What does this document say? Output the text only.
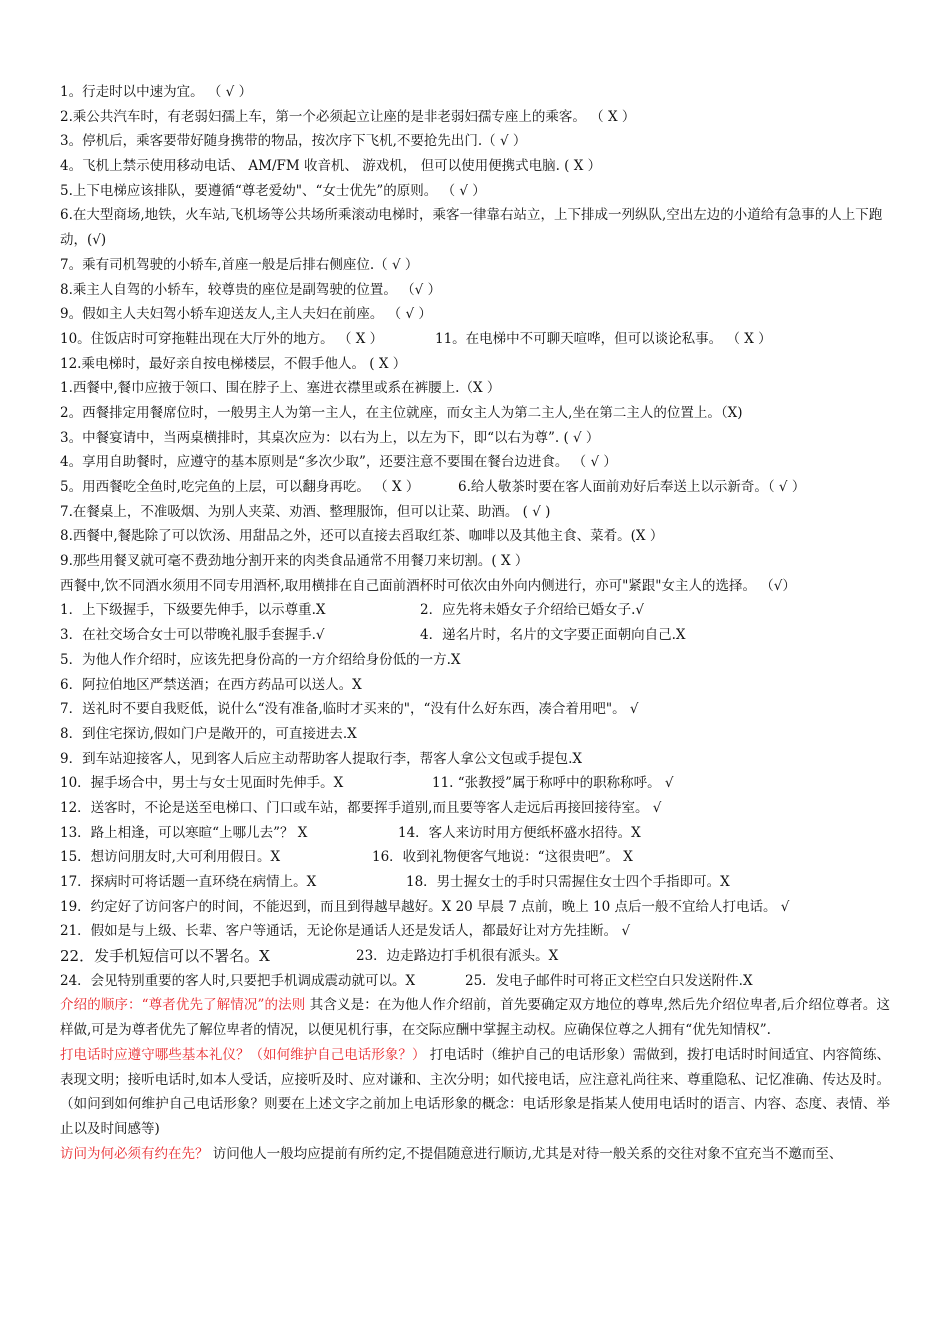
1。行走时以中速为宜。 （ √ ）
2.乘公共汽车时，有老弱妇孺上车，第一个必须起立让座的是非老弱妇孺专座上的乘客。 （ X ）
3。停机后，乘客要带好随身携带的物品，按次序下飞机,不要抢先出门.（ √ ）
4。飞机上禁示使用移动电话、 AM/FM 收音机、 游戏机， 但可以使用便携式电脑. ( X ）
5.上下电梯应该排队，要遵循“尊老爱幼"、“女士优先”的原则。 （ √ ）
6.在大型商场,地铁，火车站,飞机场等公共场所乘滚动电梯时，乘客一律靠右站立，上下排成一列纵队,空出左边的小道给有急事的人上下跑动，(√)
7。乘有司机驾驶的小轿车,首座一般是后排右侧座位.（ √ ）
8.乘主人自驾的小轿车，较尊贵的座位是副驾驶的位置。 （√ ）
9。假如主人夫妇驾小轿车迎送友人,主人夫妇在前座。 （ √ ）
10。住饭店时可穿拖鞋出现在大厅外的地方。 （ X ）	11。在电梯中不可聊天喧哗，但可以谈论私事。 （ X ）
12.乘电梯时，最好亲自按电梯楼层，不假手他人。 ( X ）
1.西餐中,餐巾应掖于领口、围在脖子上、塞进衣襟里或系在裤腰上.（X ）
2。西餐排定用餐席位时，一般男主人为第一主人，在主位就座，而女主人为第二主人,坐在第二主人的位置上。（X)
3。中餐宴请中，当两桌横排时，其桌次应为：以右为上，以左为下，即“以右为尊”. ( √ ）
4。享用自助餐时，应遵守的基本原则是“多次少取”，还要注意不要围在餐台边进食。 （ √ ）
5。用西餐吃全鱼时,吃完鱼的上层，可以翻身再吃。 （ X ）	6.给人敬茶时要在客人面前劝好后奉送上以示新奇。（ √ ）
7.在餐桌上，不准吸烟、为别人夹菜、劝酒、整理服饰，但可以让菜、助酒。 ( √ )
8.西餐中,餐匙除了可以饮汤、用甜品之外，还可以直接去舀取红茶、咖啡以及其他主食、菜肴。(X ）
9.那些用餐叉就可毫不费劲地分割开来的肉类食品通常不用餐刀来切割。( X ）
西餐中,饮不同酒水须用不同专用酒杯,取用横排在自己面前酒杯时可依次由外向内侧进行，亦可"紧跟"女主人的选择。 （√）
1．上下级握手，下级要先伸手，以示尊重.X	2．应先将未婚女子介绍给已婚女子.√
3．在社交场合女士可以带晚礼服手套握手.√	4．递名片时，名片的文字要正面朝向自己.X
5．为他人作介绍时，应该先把身份高的一方介绍给身份低的一方.X
6．阿拉伯地区严禁送酒；在西方药品可以送人。X
7．送礼时不要自我贬低，说什么“没有准备,临时才买来的"，“没有什么好东西，凑合着用吧"。 √
8．到住宅探访,假如门户是敞开的，可直接进去.X
9．到车站迎接客人，见到客人后应主动帮助客人提取行李，帮客人拿公文包或手提包.X
10．握手场合中，男士与女士见面时先伸手。X	11. “张教授”属于称呼中的职称称呼。 √
12．送客时，不论是送至电梯口、门口或车站，都要挥手道别,而且要等客人走远后再接回接待室。 √
13．路上相逢，可以寒暄“上哪儿去”？ X	14．客人来访时用方便纸杯盛水招待。X
15．想访问朋友时,大可利用假日。X	16．收到礼物便客气地说：“这很贵吧”。 X
17．探病时可将话题一直环绕在病情上。X	18．男士握女士的手时只需握住女士四个手指即可。X
19．约定好了访问客户的时间，不能迟到，而且到得越早越好。X 20 早晨 7 点前，晚上 10 点后一般不宜给人打电话。 √
21．假如是与上级、长辈、客户等通话，无论你是通话人还是发话人，都最好让对方先挂断。 √
22．发手机短信可以不署名。X	23．边走路边打手机很有派头。X
24．会见特别重要的客人时,只要把手机调成震动就可以。X	25．发电子邮件时可将正文栏空白只发送附件.X
介绍的顺序：“尊者优先了解情况”的法则 其含义是：在为他人作介绍前，首先要确定双方地位的尊卑,然后先介绍位卑者,后介绍位尊者。这样做,可是为尊者优先了解位卑者的情况，以便见机行事，在交际应酬中掌握主动权。应确保位尊之人拥有“优先知情权”.
打电话时应遵守哪些基本礼仪？（如何维护自己电话形象？） 打电话时（维护自己的电话形象）需做到，拨打电话时时间适宜、内容简练、表现文明；接听电话时,如本人受话，应接听及时、应对谦和、主次分明；如代接电话，应注意礼尚往来、尊重隐私、记忆准确、传达及时。（如问到如何维护自己电话形象？则要在上述文字之前加上电话形象的概念：电话形象是指某人使用电话时的语言、内容、态度、表情、举止以及时间感等)
访问为何必须有约在先？ 访问他人一般均应提前有所约定,不提倡随意进行顺访,尤其是对待一般关系的交往对象不宜充当不邀而至、
